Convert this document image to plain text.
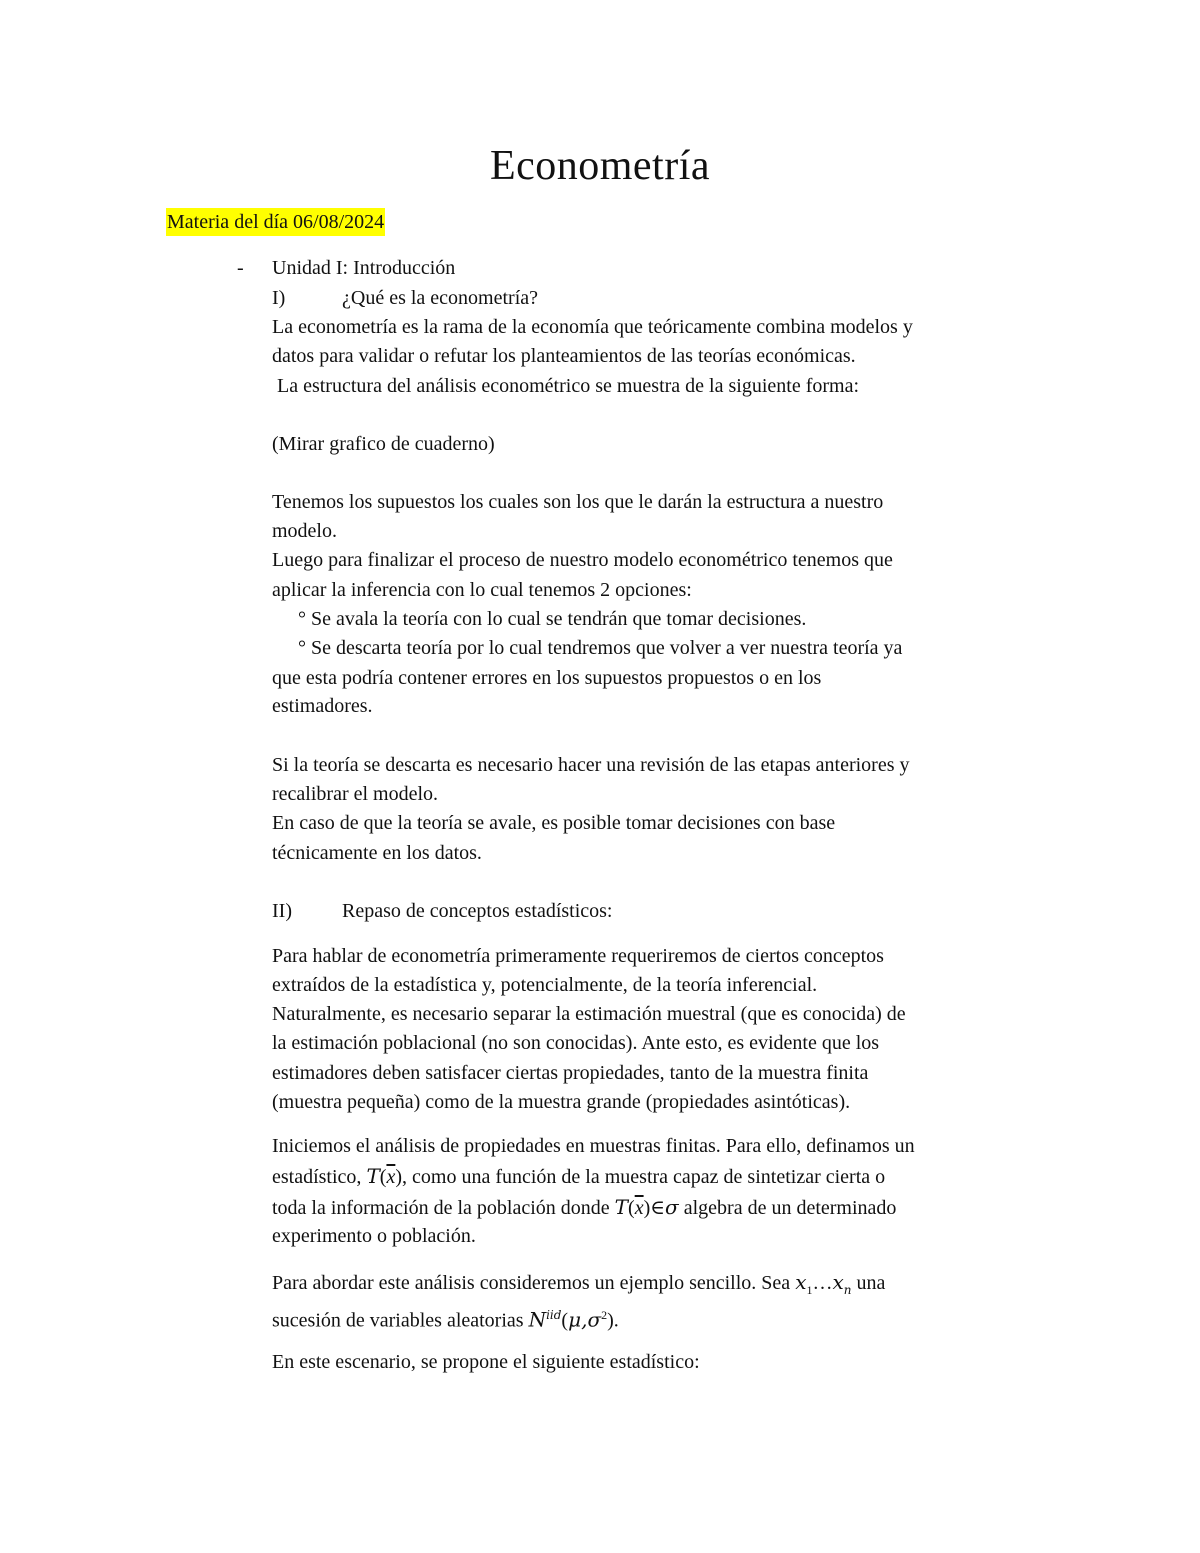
Econometría
Materia del día 06/08/2024
- Unidad I: Introducción
I)	¿Qué es la econometría?
La econometría es la rama de la economía que teóricamente combina modelos y
datos para validar o refutar los planteamientos de las teorías económicas.
La estructura del análisis econométrico se muestra de la siguiente forma:
(Mirar grafico de cuaderno)
Tenemos los supuestos los cuales son los que le darán la estructura a nuestro
modelo.
Luego para finalizar el proceso de nuestro modelo econométrico tenemos que
aplicar la inferencia con lo cual tenemos 2 opciones:
° Se avala la teoría con lo cual se tendrán que tomar decisiones.
° Se descarta teoría por lo cual tendremos que volver a ver nuestra teoría ya
que esta podría contener errores en los supuestos propuestos o en los
estimadores.
Si la teoría se descarta es necesario hacer una revisión de las etapas anteriores y
recalibrar el modelo.
En caso de que la teoría se avale, es posible tomar decisiones con base
técnicamente en los datos.
II)	Repaso de conceptos estadísticos:
Para hablar de econometría primeramente requeriremos de ciertos conceptos
extraídos de la estadística y, potencialmente, de la teoría inferencial.
Naturalmente, es necesario separar la estimación muestral (que es conocida) de
la estimación poblacional (no son conocidas). Ante esto, es evidente que los
estimadores deben satisfacer ciertas propiedades, tanto de la muestra finita
(muestra pequeña) como de la muestra grande (propiedades asintóticas).
Iniciemos el análisis de propiedades en muestras finitas. Para ello, definamos un
estadístico, $T(\overline{x})$, como una función de la muestra capaz de sintetizar cierta o
toda la información de la población donde $T(\overline{x})\in\sigma$ algebra de un determinado
experimento o población.
Para abordar este análisis consideremos un ejemplo sencillo. Sea $x_1\dots x_n$ una
sucesión de variables aleatorias $N^{iid}(\mu,\sigma^2)$.
En este escenario, se propone el siguiente estadístico:
